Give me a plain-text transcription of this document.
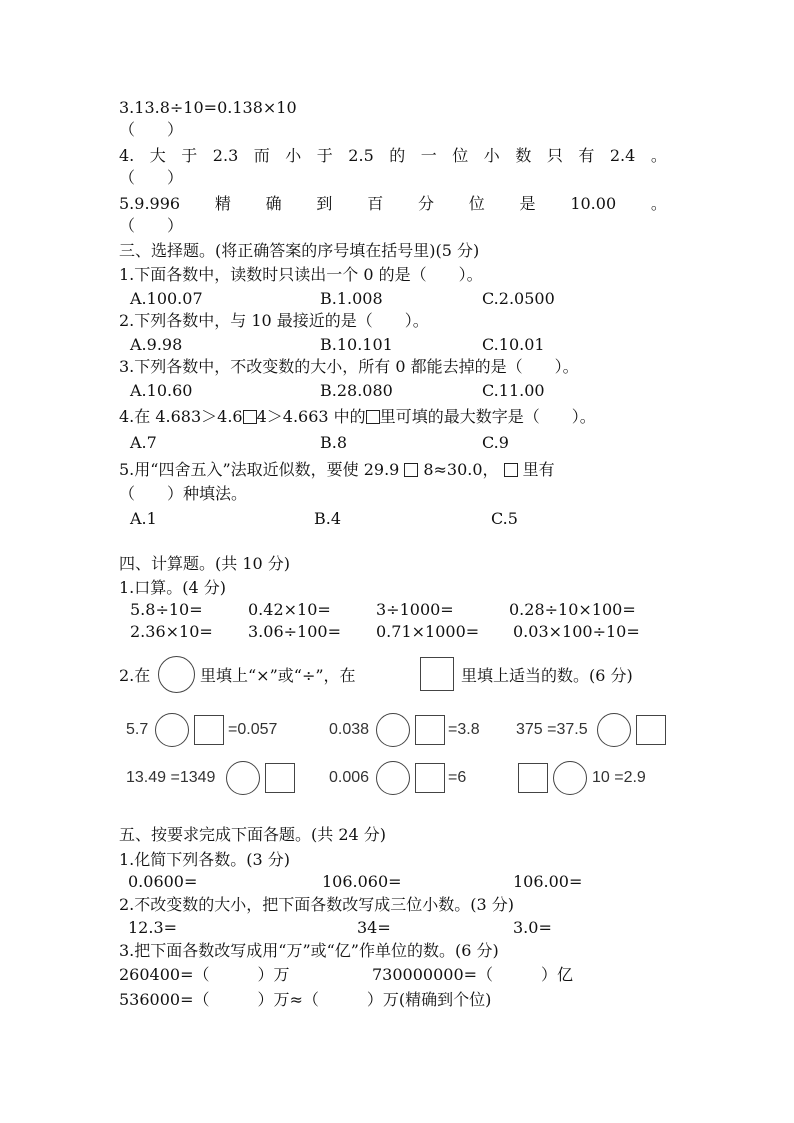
3.13.8÷10=0.138×10
（　　）
4. 大 于 2.3 而 小 于 2.5 的 一 位 小 数 只 有 2.4 。
（　　）
5.9.996 精 确 到 百 分 位 是 10.00 。
（　　）
三、选择题。(将正确答案的序号填在括号里)(5 分)
1.下面各数中，读数时只读出一个 0 的是（　　）。
A.100.07	B.1.008	C.2.0500
2.下列各数中，与 10 最接近的是（　　）。
A.9.98	B.10.101	C.10.01
3.下列各数中，不改变数的大小，所有 0 都能去掉的是（　　）。
A.10.60	B.28.080	C.11.00
4.在 4.683＞4.6 4＞4.663 中的 里可填的最大数字是（　　）。
A.7	B.8	C.9
5.用“四舍五入”法取近似数，要使 29.9 8≈30.0， 里有
（　　）种填法。
A.1	B.4	C.5
四、计算题。(共 10 分)
1.口算。(4 分)
5.8÷10=	0.42×10=	3÷1000=	0.28÷10×100=
2.36×10= 3.06÷100= 0.71×1000= 0.03×100÷10=
2.在	里填上“×”或“÷”，在	里填上适当的数。(6 分)
5.7	=0.057	0.038	=3.8 375 =37.5
13.49 =1349	0.006	=6	10 =2.9
五、按要求完成下面各题。(共 24 分)
1.化简下列各数。(3 分)
0.0600=	106.060=	106.00=
2.不改变数的大小，把下面各数改写成三位小数。(3 分)
12.3=	34=	3.0=
3.把下面各数改写成用“万”或“亿”作单位的数。(6 分)
260400=（　　　）万	730000000=（　　　）亿
536000=（　　　）万≈（　　　）万(精确到个位)
